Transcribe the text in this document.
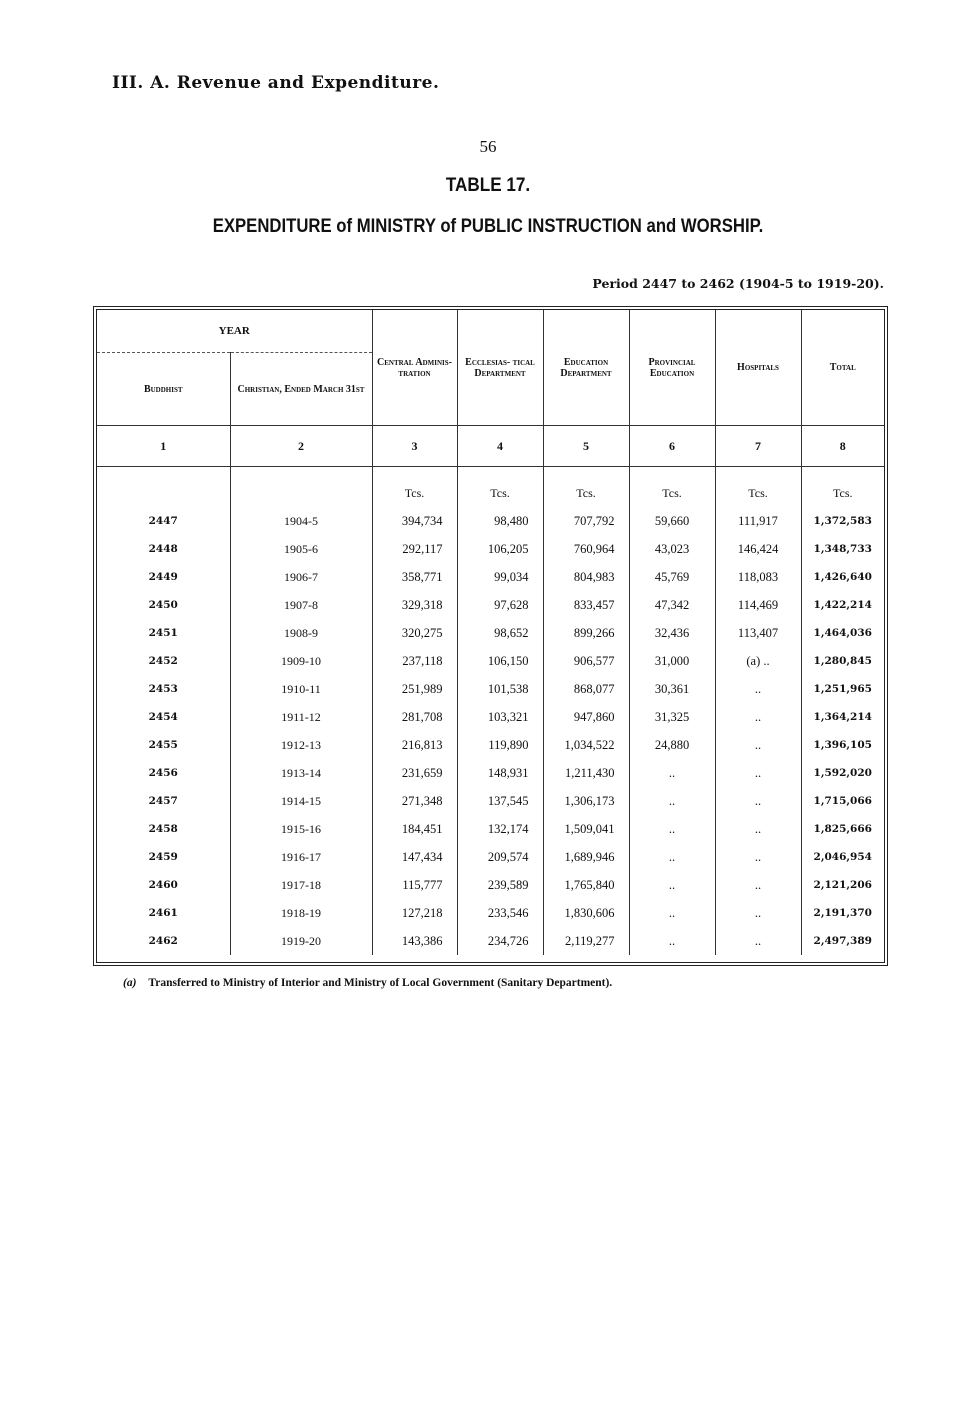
III. A. Revenue and Expenditure.
56
TABLE 17.
EXPENDITURE of MINISTRY of PUBLIC INSTRUCTION and WORSHIP.
Period 2447 to 2462 (1904-5 to 1919-20).
YEAR		Central Adminis- tration	Ecclesias- tical Department	Education Department	Provincial Education	Hospitals	Total
Buddhist	Christian, Ended March 31st						
1	2	3	4	5	6	7	8
		Tcs.	Tcs.	Tcs.	Tcs.	Tcs.	Tcs.
2447	1904-5	394,734	98,480	707,792	59,660	111,917	1,372,583
2448	1905-6	292,117	106,205	760,964	43,023	146,424	1,348,733
2449	1906-7	358,771	99,034	804,983	45,769	118,083	1,426,640
2450	1907-8	329,318	97,628	833,457	47,342	114,469	1,422,214
2451	1908-9	320,275	98,652	899,266	32,436	113,407	1,464,036
2452	1909-10	237,118	106,150	906,577	31,000	(a) ..	1,280,845
2453	1910-11	251,989	101,538	868,077	30,361	..	1,251,965
2454	1911-12	281,708	103,321	947,860	31,325	..	1,364,214
2455	1912-13	216,813	119,890	1,034,522	24,880	..	1,396,105
2456	1913-14	231,659	148,931	1,211,430	..	..	1,592,020
2457	1914-15	271,348	137,545	1,306,173	..	..	1,715,066
2458	1915-16	184,451	132,174	1,509,041	..	..	1,825,666
2459	1916-17	147,434	209,574	1,689,946	..	..	2,046,954
2460	1917-18	115,777	239,589	1,765,840	..	..	2,121,206
2461	1918-19	127,218	233,546	1,830,606	..	..	2,191,370
2462	1919-20	143,386	234,726	2,119,277	..	..	2,497,389
(a) Transferred to Ministry of Interior and Ministry of Local Government (Sanitary Department).
